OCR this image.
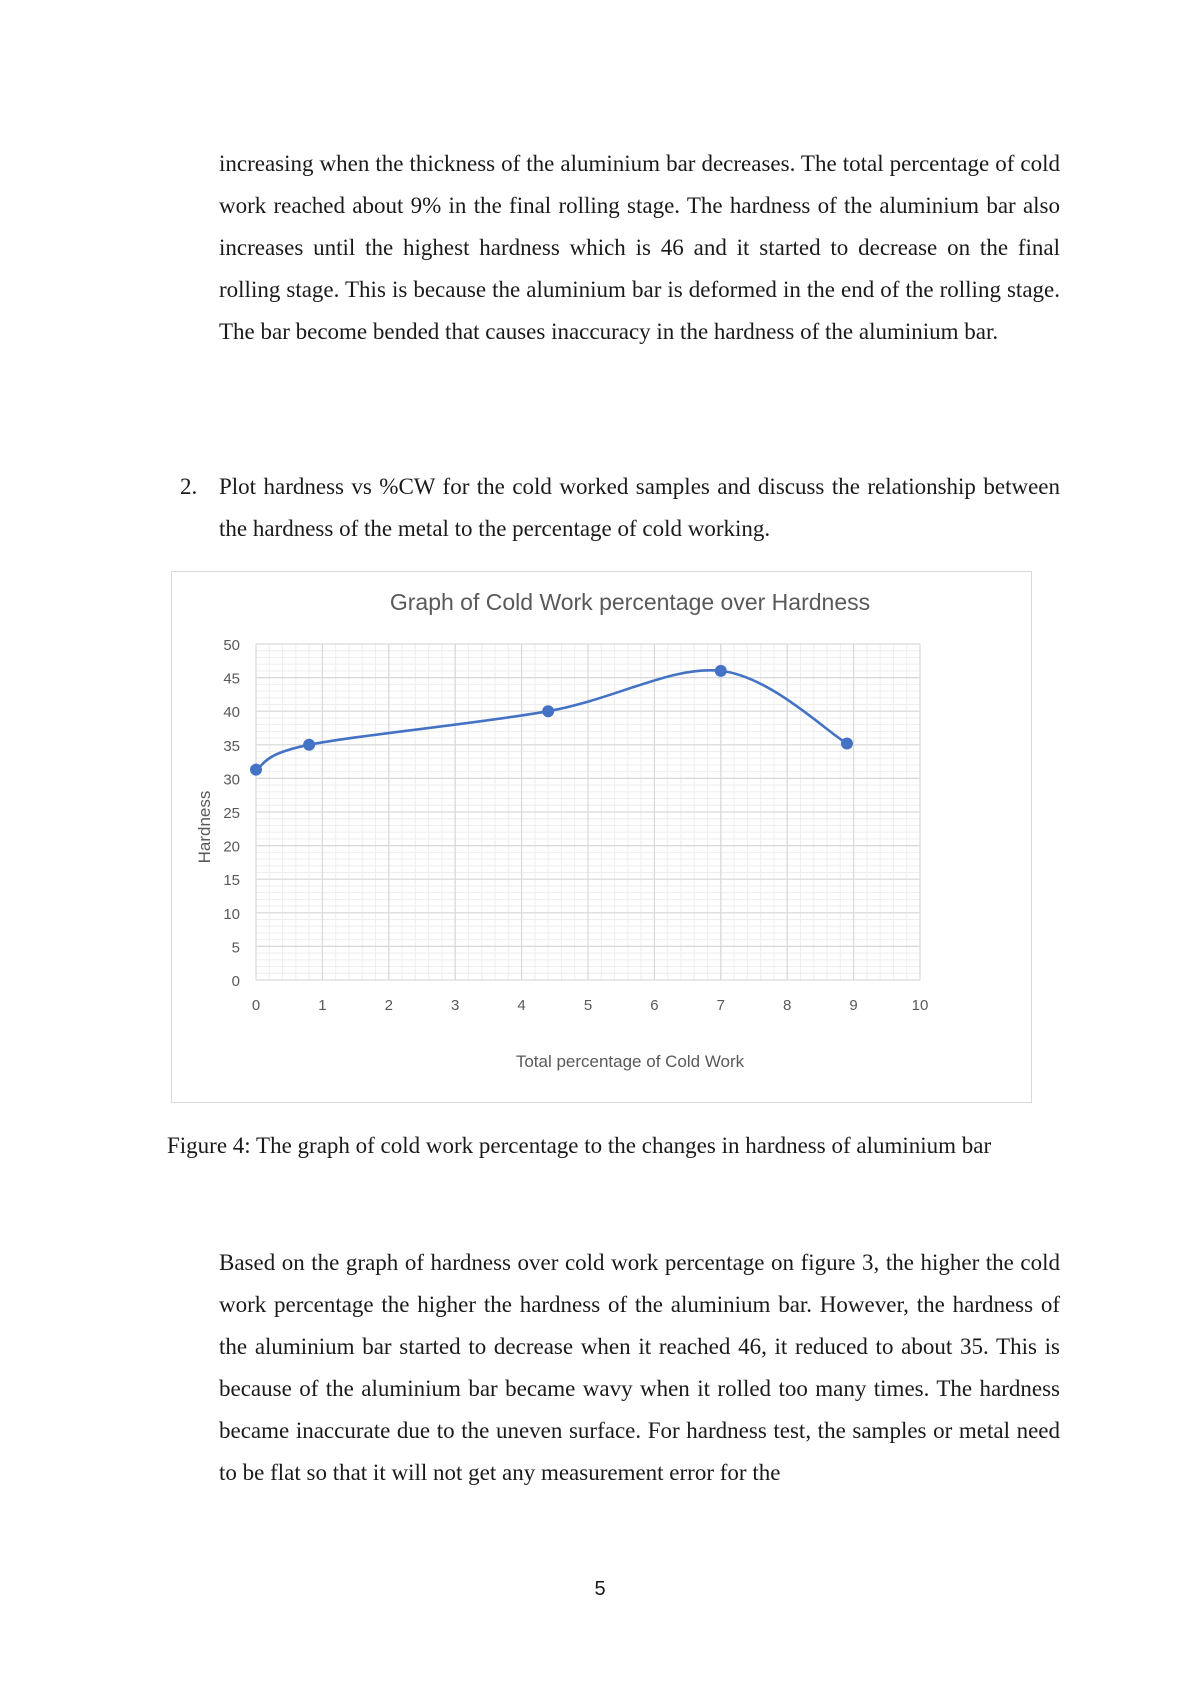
increasing when the thickness of the aluminium bar decreases. The total percentage of cold work reached about 9% in the final rolling stage. The hardness of the aluminium bar also increases until the highest hardness which is 46 and it started to decrease on the final rolling stage. This is because the aluminium bar is deformed in the end of the rolling stage. The bar become bended that causes inaccuracy in the hardness of the aluminium bar.

2. Plot hardness vs %CW for the cold worked samples and discuss the relationship between the hardness of the metal to the percentage of cold working.

Graph of Cold Work percentage over Hardness
0
5
10
15
20
25
30
35
40
45
50
0	1	2	3	4	5	6	7	8	9	10
Total percentage of Cold Work
Hardness

Figure 4: The graph of cold work percentage to the changes in hardness of aluminium bar

Based on the graph of hardness over cold work percentage on figure 3, the higher the cold work percentage the higher the hardness of the aluminium bar. However, the hardness of the aluminium bar started to decrease when it reached 46, it reduced to about 35. This is because of the aluminium bar became wavy when it rolled too many times. The hardness became inaccurate due to the uneven surface. For hardness test, the samples or metal need to be flat so that it will not get any measurement error for the

5
